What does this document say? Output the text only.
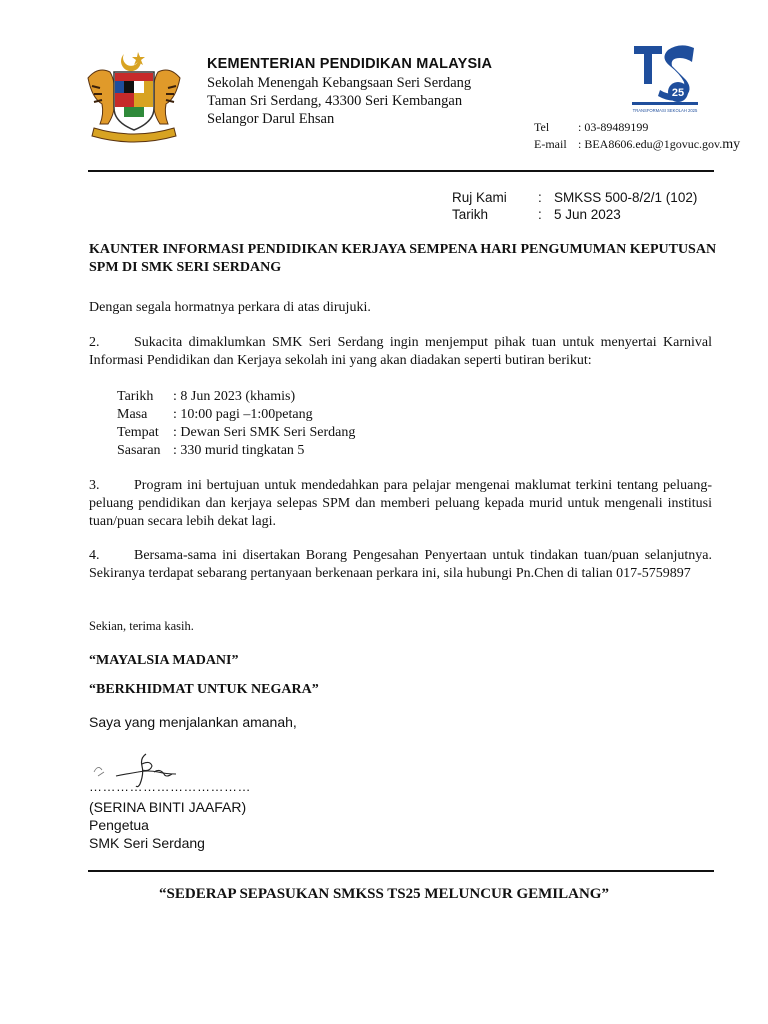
KEMENTERIAN PENDIDIKAN MALAYSIA
Sekolah Menengah Kebangsaan Seri Serdang
Taman Sri Serdang, 43300 Seri Kembangan
Selangor Darul Ehsan
25
TRANSFORMASI SEKOLAH 2025
Tel : 03-89489199
E-mail : BEA8606.edu@1govuc.gov.my
Ruj Kami : SMKSS 500-8/2/1 (102)
Tarikh	: 5 Jun 2023
KAUNTER INFORMASI PENDIDIKAN KERJAYA SEMPENA HARI PENGUMUMAN KEPUTUSAN SPM DI SMK SERI SERDANG
Dengan segala hormatnya perkara di atas dirujuki.
2. Sukacita dimaklumkan SMK Seri Serdang ingin menjemput pihak tuan untuk menyertai Karnival Informasi Pendidikan dan Kerjaya sekolah ini yang akan diadakan seperti butiran berikut:
Tarikh : 8 Jun 2023 (khamis)
Masa : 10:00 pagi –1:00petang
Tempat : Dewan Seri SMK Seri Serdang
Sasaran : 330 murid tingkatan 5
3. Program ini bertujuan untuk mendedahkan para pelajar mengenai maklumat terkini tentang peluang-peluang pendidikan dan kerjaya selepas SPM dan memberi peluang kepada murid untuk mengenali institusi tuan/puan secara lebih dekat lagi.
4. Bersama-sama ini disertakan Borang Pengesahan Penyertaan untuk tindakan tuan/puan selanjutnya. Sekiranya terdapat sebarang pertanyaan berkenaan perkara ini, sila hubungi Pn.Chen di talian 017-5759897
Sekian, terima kasih.
“MAYALSIA MADANI”
“BERKHIDMAT UNTUK NEGARA”
Saya yang menjalankan amanah,
………………………………
(SERINA BINTI JAAFAR)
Pengetua
SMK Seri Serdang
“SEDERAP SEPASUKAN SMKSS TS25 MELUNCUR GEMILANG”
